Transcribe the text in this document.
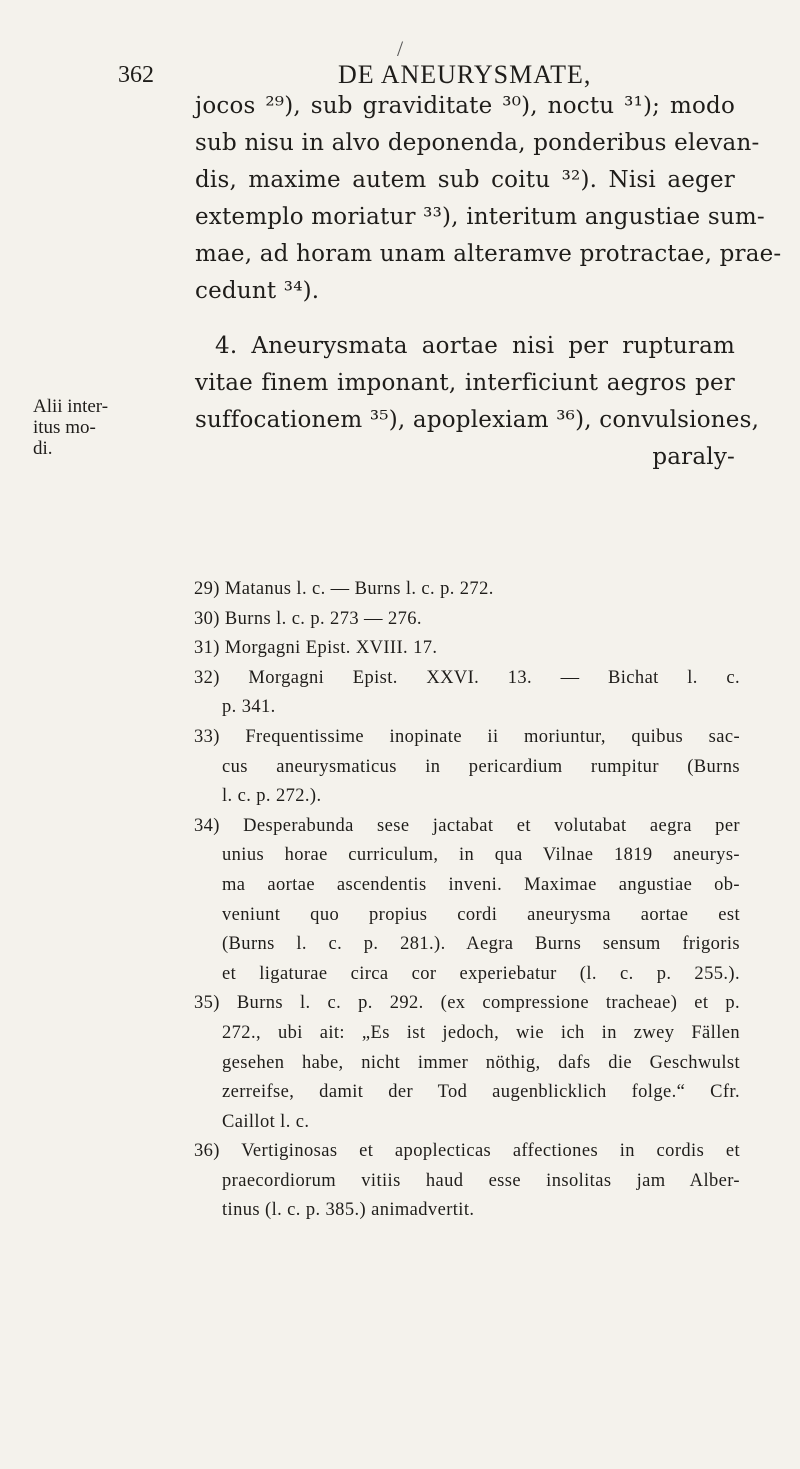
/
362	DE ANEURYSMATE,
Alii inter-
itus mo-
di.
jocos ²⁹), sub graviditate ³⁰), noctu ³¹); modo
sub nisu in alvo deponenda, ponderibus elevan-
dis, maxime autem sub coitu ³²). Nisi aeger
extemplo moriatur ³³), interitum angustiae sum-
mae, ad horam unam alteramve protractae, prae-
cedunt ³⁴).
4. Aneurysmata aortae nisi per rupturam
vitae finem imponant, interficiunt aegros per
suffocationem ³⁵), apoplexiam ³⁶), convulsiones,
paraly-
29) Matanus l. c. — Burns l. c. p. 272.
30) Burns l. c. p. 273 — 276.
31) Morgagni Epist. XVIII. 17.
32) Morgagni Epist. XXVI. 13. — Bichat l. c.
p. 341.
33) Frequentissime inopinate ii moriuntur, quibus sac-
cus aneurysmaticus in pericardium rumpitur (Burns
l. c. p. 272.).
34) Desperabunda sese jactabat et volutabat aegra per
unius horae curriculum, in qua Vilnae 1819 aneurys-
ma aortae ascendentis inveni. Maximae angustiae ob-
veniunt quo propius cordi aneurysma aortae est
(Burns l. c. p. 281.). Aegra Burns sensum frigoris
et ligaturae circa cor experiebatur (l. c. p. 255.).
35) Burns l. c. p. 292. (ex compressione tracheae) et p.
272., ubi ait: „Es ist jedoch, wie ich in zwey Fällen
gesehen habe, nicht immer nöthig, dafs die Geschwulst
zerreifse, damit der Tod augenblicklich folge.“ Cfr.
Caillot l. c.
36) Vertiginosas et apoplecticas affectiones in cordis et
praecordiorum vitiis haud esse insolitas jam Alber-
tinus (l. c. p. 385.) animadvertit.
